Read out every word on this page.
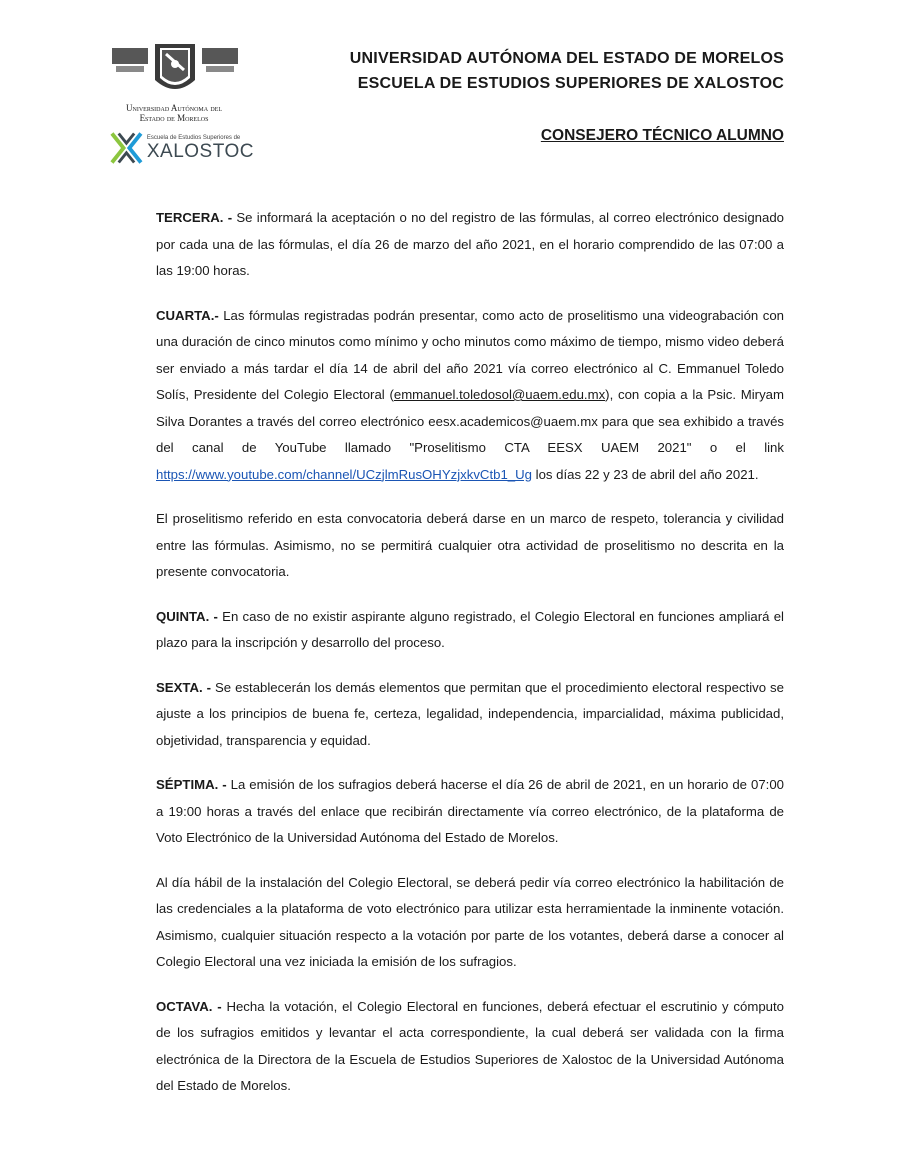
Universidad Autónoma del
Estado de Morelos
Escuela de Estudios Superiores de
XALOSTOC
UNIVERSIDAD AUTÓNOMA DEL ESTADO DE MORELOS
ESCUELA DE ESTUDIOS SUPERIORES DE XALOSTOC
CONSEJERO TÉCNICO ALUMNO

TERCERA. - Se informará la aceptación o no del registro de las fórmulas, al correo electrónico designado por cada una de las fórmulas, el día 26 de marzo del año 2021, en el horario comprendido de las 07:00 a las 19:00 horas.

CUARTA.- Las fórmulas registradas podrán presentar, como acto de proselitismo una videograbación con una duración de cinco minutos como mínimo y ocho minutos como máximo de tiempo, mismo video deberá ser enviado a más tardar el día 14 de abril del año 2021 vía correo electrónico al C. Emmanuel Toledo Solís, Presidente del Colegio Electoral (emmanuel.toledosol@uaem.edu.mx), con copia a la Psic. Miryam Silva Dorantes a través del correo electrónico eesx.academicos@uaem.mx para que sea exhibido a través del canal de YouTube llamado "Proselitismo CTA EESX UAEM 2021" o el link https://www.youtube.com/channel/UCzjlmRusOHYzjxkvCtb1_Ug los días 22 y 23 de abril del año 2021.

El proselitismo referido en esta convocatoria deberá darse en un marco de respeto, tolerancia y civilidad entre las fórmulas. Asimismo, no se permitirá cualquier otra actividad de proselitismo no descrita en la presente convocatoria.

QUINTA. - En caso de no existir aspirante alguno registrado, el Colegio Electoral en funciones ampliará el plazo para la inscripción y desarrollo del proceso.

SEXTA. - Se establecerán los demás elementos que permitan que el procedimiento electoral respectivo se ajuste a los principios de buena fe, certeza, legalidad, independencia, imparcialidad, máxima publicidad, objetividad, transparencia y equidad.

SÉPTIMA. - La emisión de los sufragios deberá hacerse el día 26 de abril de 2021, en un horario de 07:00 a 19:00 horas a través del enlace que recibirán directamente vía correo electrónico, de la plataforma de Voto Electrónico de la Universidad Autónoma del Estado de Morelos.

Al día hábil de la instalación del Colegio Electoral, se deberá pedir vía correo electrónico la habilitación de las credenciales a la plataforma de voto electrónico para utilizar esta herramientade la inminente votación. Asimismo, cualquier situación respecto a la votación por parte de los votantes, deberá darse a conocer al Colegio Electoral una vez iniciada la emisión de los sufragios.

OCTAVA. - Hecha la votación, el Colegio Electoral en funciones, deberá efectuar el escrutinio y cómputo de los sufragios emitidos y levantar el acta correspondiente, la cual deberá ser validada con la firma electrónica de la Directora de la Escuela de Estudios Superiores de Xalostoc de la Universidad Autónoma del Estado de Morelos.
